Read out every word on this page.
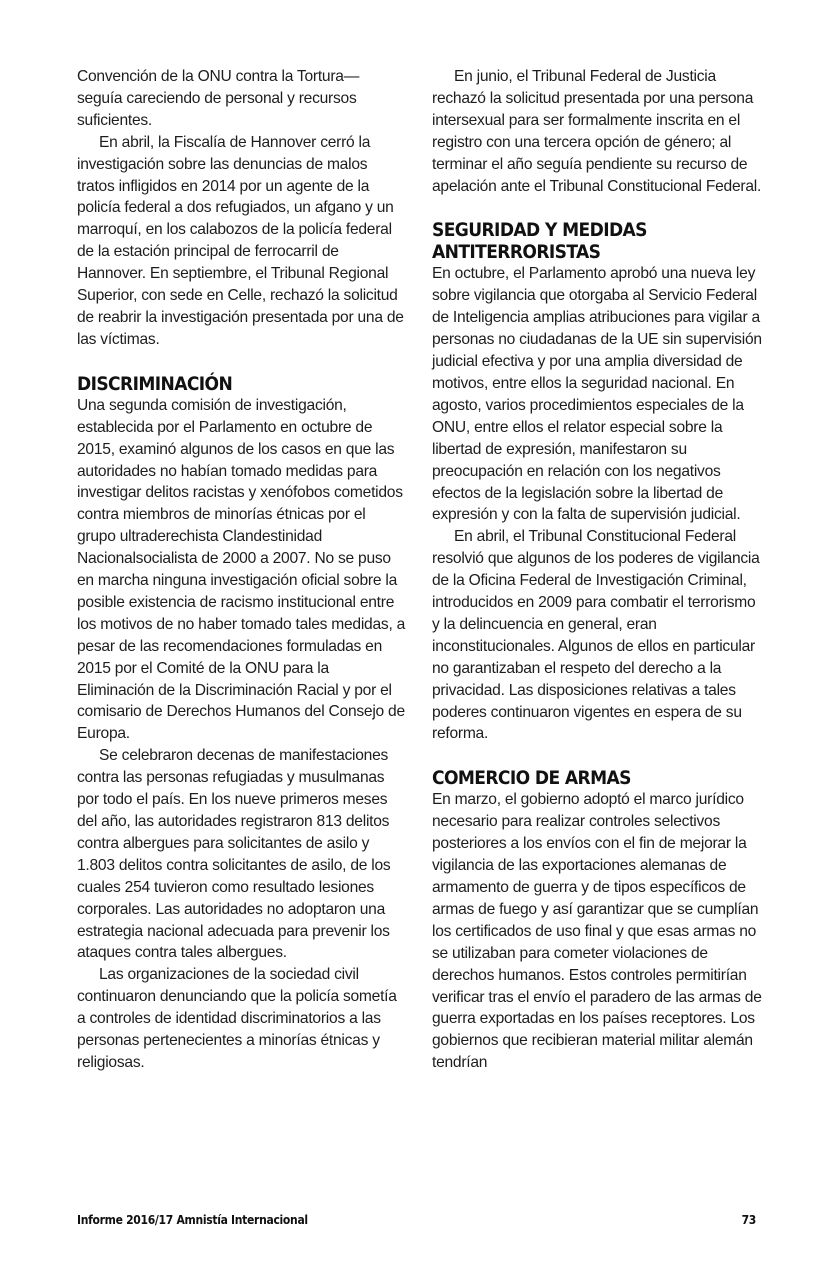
Convención de la ONU contra la Tortura— seguía careciendo de personal y recursos suficientes.

En abril, la Fiscalía de Hannover cerró la investigación sobre las denuncias de malos tratos infligidos en 2014 por un agente de la policía federal a dos refugiados, un afgano y un marroquí, en los calabozos de la policía federal de la estación principal de ferrocarril de Hannover. En septiembre, el Tribunal Regional Superior, con sede en Celle, rechazó la solicitud de reabrir la investigación presentada por una de las víctimas.

DISCRIMINACIÓN

Una segunda comisión de investigación, establecida por el Parlamento en octubre de 2015, examinó algunos de los casos en que las autoridades no habían tomado medidas para investigar delitos racistas y xenófobos cometidos contra miembros de minorías étnicas por el grupo ultraderechista Clandestinidad Nacionalsocialista de 2000 a 2007. No se puso en marcha ninguna investigación oficial sobre la posible existencia de racismo institucional entre los motivos de no haber tomado tales medidas, a pesar de las recomendaciones formuladas en 2015 por el Comité de la ONU para la Eliminación de la Discriminación Racial y por el comisario de Derechos Humanos del Consejo de Europa.

Se celebraron decenas de manifestaciones contra las personas refugiadas y musulmanas por todo el país. En los nueve primeros meses del año, las autoridades registraron 813 delitos contra albergues para solicitantes de asilo y 1.803 delitos contra solicitantes de asilo, de los cuales 254 tuvieron como resultado lesiones corporales. Las autoridades no adoptaron una estrategia nacional adecuada para prevenir los ataques contra tales albergues.

Las organizaciones de la sociedad civil continuaron denunciando que la policía sometía a controles de identidad discriminatorios a las personas pertenecientes a minorías étnicas y religiosas.

En junio, el Tribunal Federal de Justicia rechazó la solicitud presentada por una persona intersexual para ser formalmente inscrita en el registro con una tercera opción de género; al terminar el año seguía pendiente su recurso de apelación ante el Tribunal Constitucional Federal.

SEGURIDAD Y MEDIDAS ANTITERRORISTAS

En octubre, el Parlamento aprobó una nueva ley sobre vigilancia que otorgaba al Servicio Federal de Inteligencia amplias atribuciones para vigilar a personas no ciudadanas de la UE sin supervisión judicial efectiva y por una amplia diversidad de motivos, entre ellos la seguridad nacional. En agosto, varios procedimientos especiales de la ONU, entre ellos el relator especial sobre la libertad de expresión, manifestaron su preocupación en relación con los negativos efectos de la legislación sobre la libertad de expresión y con la falta de supervisión judicial.

En abril, el Tribunal Constitucional Federal resolvió que algunos de los poderes de vigilancia de la Oficina Federal de Investigación Criminal, introducidos en 2009 para combatir el terrorismo y la delincuencia en general, eran inconstitucionales. Algunos de ellos en particular no garantizaban el respeto del derecho a la privacidad. Las disposiciones relativas a tales poderes continuaron vigentes en espera de su reforma.

COMERCIO DE ARMAS

En marzo, el gobierno adoptó el marco jurídico necesario para realizar controles selectivos posteriores a los envíos con el fin de mejorar la vigilancia de las exportaciones alemanas de armamento de guerra y de tipos específicos de armas de fuego y así garantizar que se cumplían los certificados de uso final y que esas armas no se utilizaban para cometer violaciones de derechos humanos. Estos controles permitirían verificar tras el envío el paradero de las armas de guerra exportadas en los países receptores. Los gobiernos que recibieran material militar alemán tendrían

Informe 2016/17 Amnistía Internacional	73
